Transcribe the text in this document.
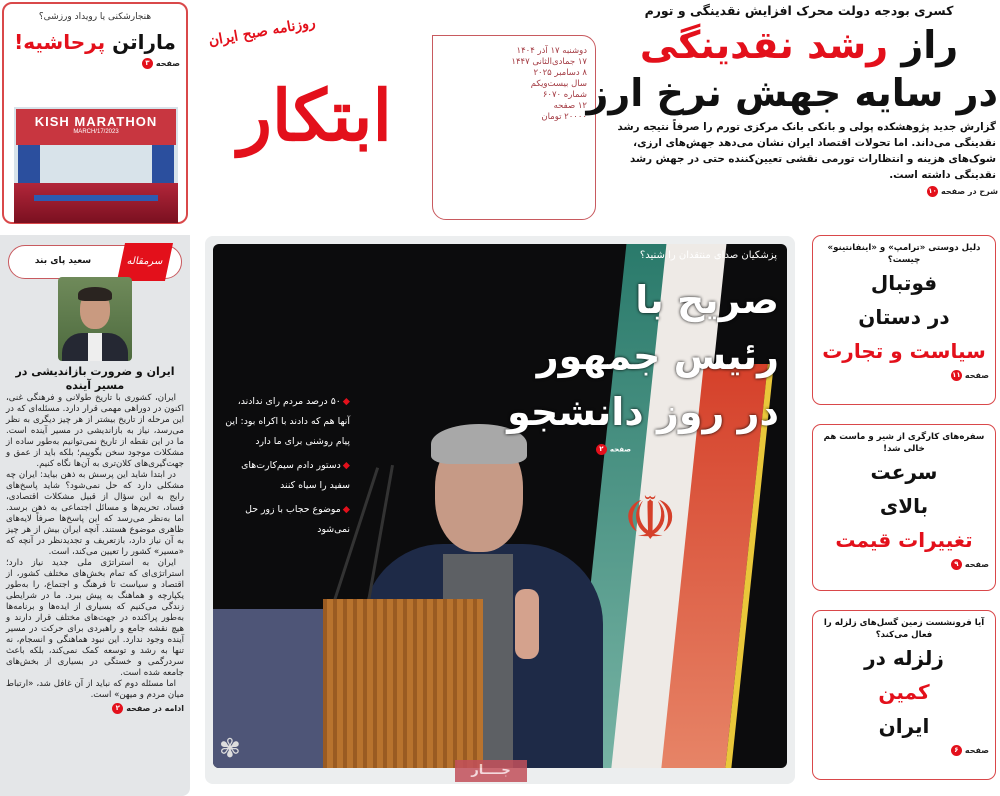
هنجارشکنی یا رویداد ورزشی؟
ماراتن پرحاشیه!
صفحه۳
KISH MARATHON
MARCH/17/2023	ابتکار
روزنامه صبح ایران
دوشنبه ۱۷ آذر ۱۴۰۴
۱۷ جمادی‌الثانی ۱۴۴۷
۸ دسامبر ۲۰۲۵
سال بیست‌و‌یکم
شماره ۶۰۷۰
۱۲ صفحه
۲۰۰۰۰ تومان
کسری بودجه دولت محرک افزایش نقدینگی و تورم
راز رشد نقدینگی
در سایه جهش نرخ ارز
گزارش جدید پژوهشکده پولی و بانکی بانک مرکزی تورم را صرفاً نتیجه رشد نقدینگی می‌داند. اما تحولات اقتصاد ایران نشان می‌دهد جهش‌های ارزی، شوک‌های هزینه و انتظارات تورمی نقشی تعیین‌کننده حتی در جهش رشد نقدینگی داشته است.
شرح در صفحه۱۰
سرمقاله
سعید پای بند
ایران و ضرورت بازاندیشی در مسیر آینده

ایران، کشوری با تاریخ طولانی و فرهنگی غنی، اکنون در دوراهی مهمی قرار دارد. مسئله‌ای که در این مرحله از تاریخ بیشتر از هر چیز دیگری به نظر می‌رسد، نیاز به بازاندیشی در مسیر آینده است. ما در این نقطه از تاریخ نمی‌توانیم به‌طور ساده از مشکلات موجود سخن بگوییم؛ بلکه باید از عمق و جهت‌گیری‌های کلان‌تری به آن‌ها نگاه کنیم.

در ابتدا شاید این پرسش به ذهن بیاید: ایران چه مشکلی دارد که حل نمی‌شود؟ شاید پاسخ‌های رایج به این سؤال از قبیل مشکلات اقتصادی، فساد، تحریم‌ها و مسائل اجتماعی به ذهن برسد. اما به‌نظر می‌رسد که این پاسخ‌ها صرفاً لایه‌های ظاهری موضوع هستند. آنچه ایران بیش از هر چیز به آن نیاز دارد، بازتعریف و تجدیدنظر در آنچه که «مسیر» کشور را تعیین می‌کند، است.

ایران به استراتژی ملی جدید نیاز دارد؛ استراتژی‌ای که تمام بخش‌های مختلف کشور، از اقتصاد و سیاست تا فرهنگ و اجتماع، را به‌طور یکپارچه و هماهنگ به پیش ببرد. ما در شرایطی زندگی می‌کنیم که بسیاری از ایده‌ها و برنامه‌ها به‌طور پراکنده در جهت‌های مختلف قرار دارند و هیچ نقشه جامع و راهبردی برای حرکت در مسیر آینده وجود ندارد. این نبود هماهنگی و انسجام، نه تنها به رشد و توسعه کمک نمی‌کند، بلکه باعث سردرگمی و خستگی در بسیاری از بخش‌های جامعه شده است.

اما مسئله دوم که نباید از آن غافل شد، «ارتباط میان مردم و میهن» است.

ادامه در صفحه۲
☫
✾
پزشکیان صدای منتقدان را شنید؟
صریح با
رئیس جمهور
در روز دانشجو
صفحه۲
◆ ۵۰ درصد مردم رای ندادند، آنها هم که دادند با اکراه بود: این پیام روشنی برای ما دارد
◆ دستور دادم سیم‌کارت‌های سفید را سیاه کنند
◆ موضوع حجاب با زور حل نمی‌شود
جــــار
دلیل دوستی «ترامپ» و «اینفانتینو» چیست؟
فوتبال
در دستان
سیاست و تجارت
صفحه۱۱
سفره‌های کارگری از شیر و ماست هم خالی شد!
سرعت
بالای
تغییرات قیمت
صفحه۹
آیا فرونشست زمین گسل‌های زلزله را فعال می‌کند؟
زلزله در
کمین
ایران
صفحه۶
